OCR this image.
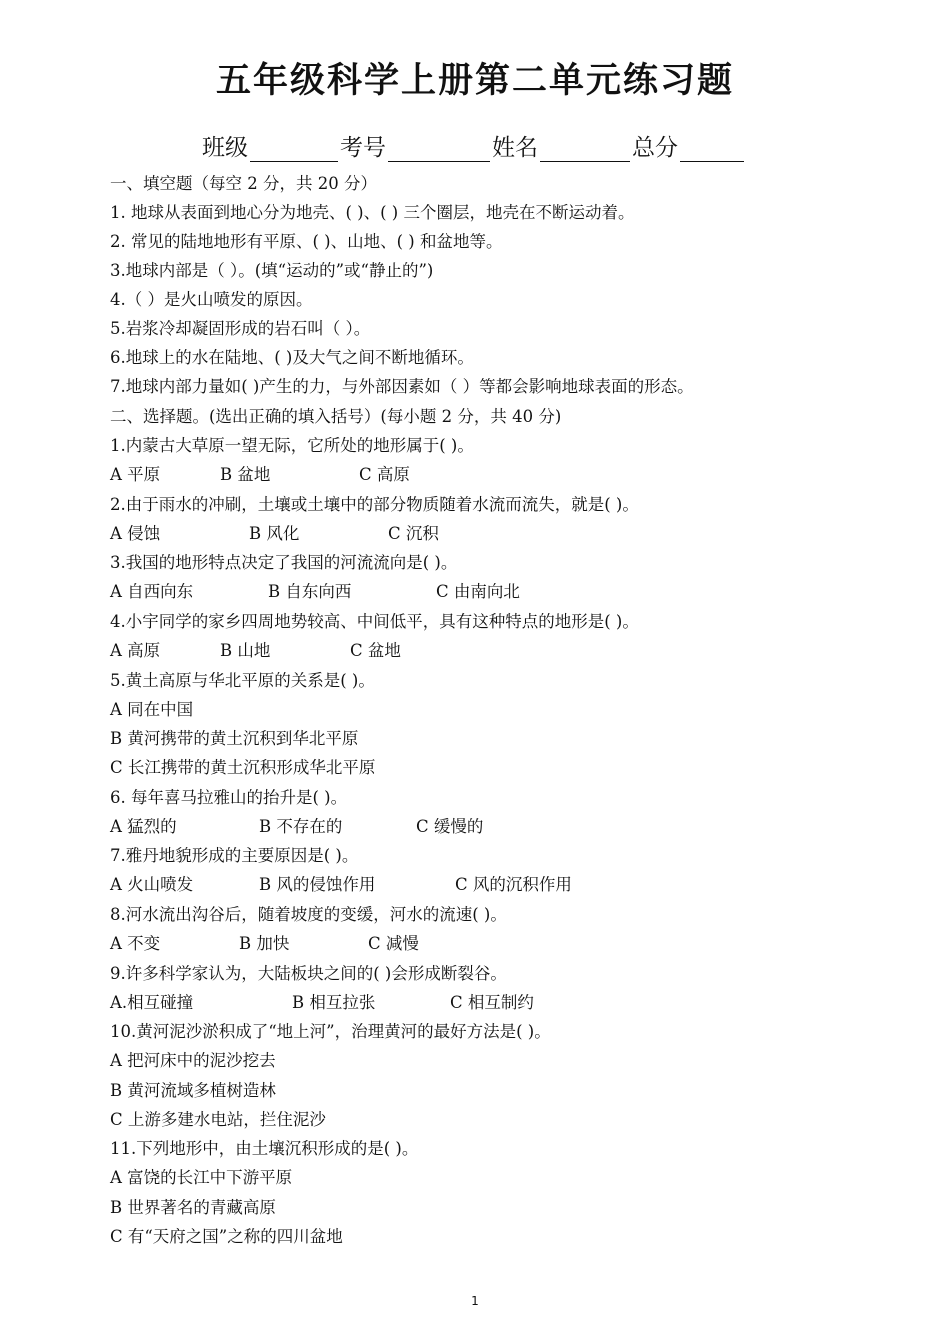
五年级科学上册第二单元练习题
班级	考号	姓名	总分
一、填空题（每空 2 分，共 20 分）
1. 地球从表面到地心分为地壳、( )、( ) 三个圈层，地壳在不断运动着。
2. 常见的陆地地形有平原、( )、山地、( ) 和盆地等。
3.地球内部是（ ）。(填“运动的”或“静止的”)
4.（ ）是火山喷发的原因。
5.岩浆冷却凝固形成的岩石叫（ ）。
6.地球上的水在陆地、( )及大气之间不断地循环。
7.地球内部力量如( )产生的力，与外部因素如（ ）等都会影响地球表面的形态。
二、选择题。(选出正确的填入括号）(每小题 2 分，共 40 分)
1.内蒙古大草原一望无际，它所处的地形属于( )。
A 平原	B 盆地	C 高原
2.由于雨水的冲刷，土壤或土壤中的部分物质随着水流而流失，就是( )。
A 侵蚀	B 风化	C 沉积
3.我国的地形特点决定了我国的河流流向是( )。
A 自西向东	B 自东向西	C 由南向北
4.小宇同学的家乡四周地势较高、中间低平，具有这种特点的地形是( )。
A 高原	B 山地	C 盆地
5.黄土高原与华北平原的关系是( )。
A 同在中国
B 黄河携带的黄土沉积到华北平原
C 长江携带的黄土沉积形成华北平原
6. 每年喜马拉雅山的抬升是( )。
A 猛烈的	B 不存在的	C 缓慢的
7.雅丹地貌形成的主要原因是( )。
A 火山喷发	B 风的侵蚀作用	C 风的沉积作用
8.河水流出沟谷后，随着坡度的变缓，河水的流速( )。
A 不变	B 加快	C 减慢
9.许多科学家认为，大陆板块之间的( )会形成断裂谷。
A.相互碰撞	B 相互拉张	C 相互制约
10.黄河泥沙淤积成了“地上河”，治理黄河的最好方法是( )。
A 把河床中的泥沙挖去
B 黄河流域多植树造林
C 上游多建水电站，拦住泥沙
11.下列地形中，由土壤沉积形成的是( )。
A 富饶的长江中下游平原
B 世界著名的青藏高原
C 有“天府之国”之称的四川盆地
1
